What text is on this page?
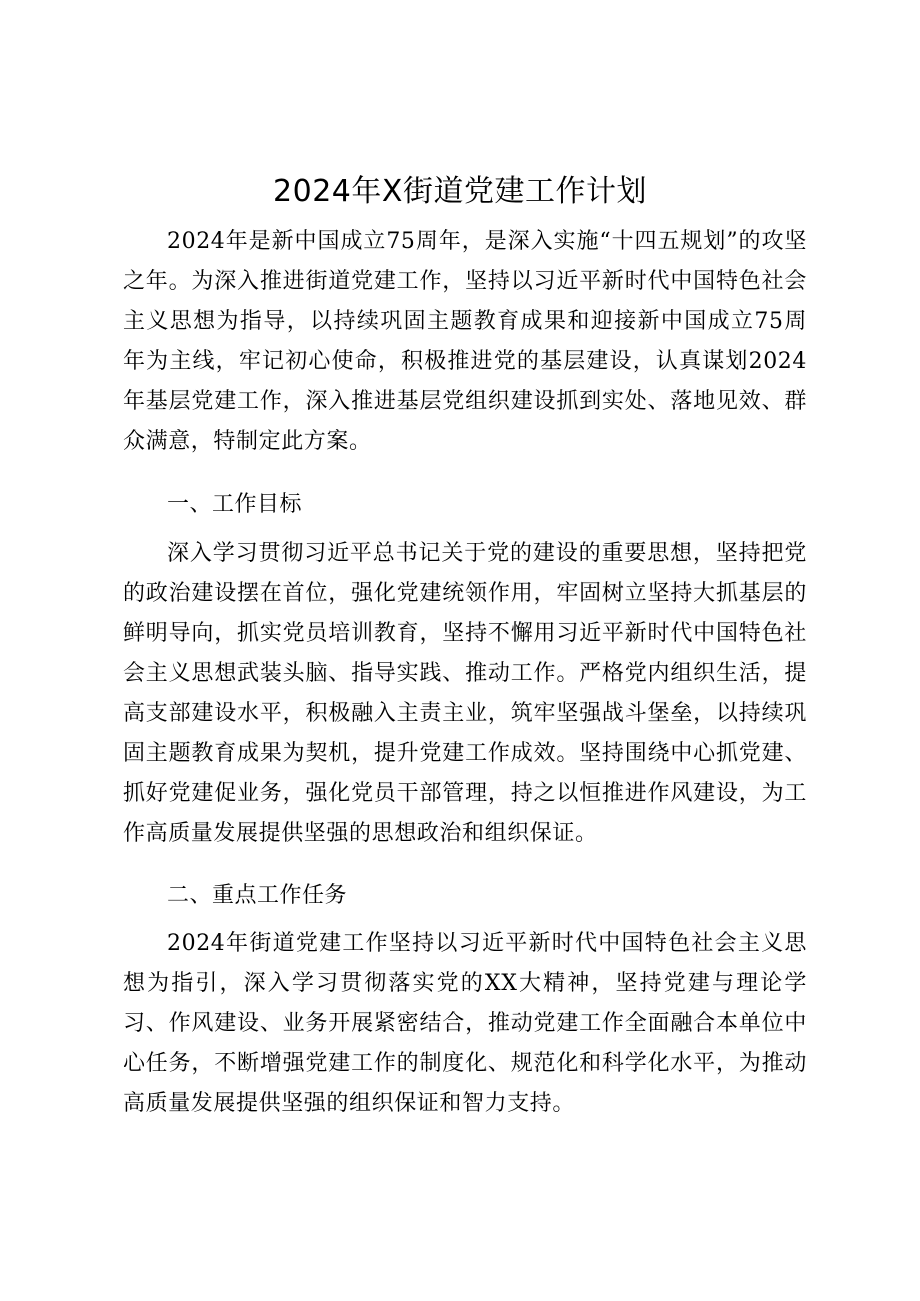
2024年X街道党建工作计划

2024年是新中国成立75周年，是深入实施“十四五规划”的攻坚之年。为深入推进街道党建工作，坚持以习近平新时代中国特色社会主义思想为指导，以持续巩固主题教育成果和迎接新中国成立75周年为主线，牢记初心使命，积极推进党的基层建设，认真谋划2024年基层党建工作，深入推进基层党组织建设抓到实处、落地见效、群众满意，特制定此方案。

一、工作目标

深入学习贯彻习近平总书记关于党的建设的重要思想，坚持把党的政治建设摆在首位，强化党建统领作用，牢固树立坚持大抓基层的鲜明导向，抓实党员培训教育，坚持不懈用习近平新时代中国特色社会主义思想武装头脑、指导实践、推动工作。严格党内组织生活，提高支部建设水平，积极融入主责主业，筑牢坚强战斗堡垒，以持续巩固主题教育成果为契机，提升党建工作成效。坚持围绕中心抓党建、抓好党建促业务，强化党员干部管理，持之以恒推进作风建设，为工作高质量发展提供坚强的思想政治和组织保证。

二、重点工作任务

2024年街道党建工作坚持以习近平新时代中国特色社会主义思想为指引，深入学习贯彻落实党的XX大精神，坚持党建与理论学习、作风建设、业务开展紧密结合，推动党建工作全面融合本单位中心任务，不断增强党建工作的制度化、规范化和科学化水平，为推动高质量发展提供坚强的组织保证和智力支持。
